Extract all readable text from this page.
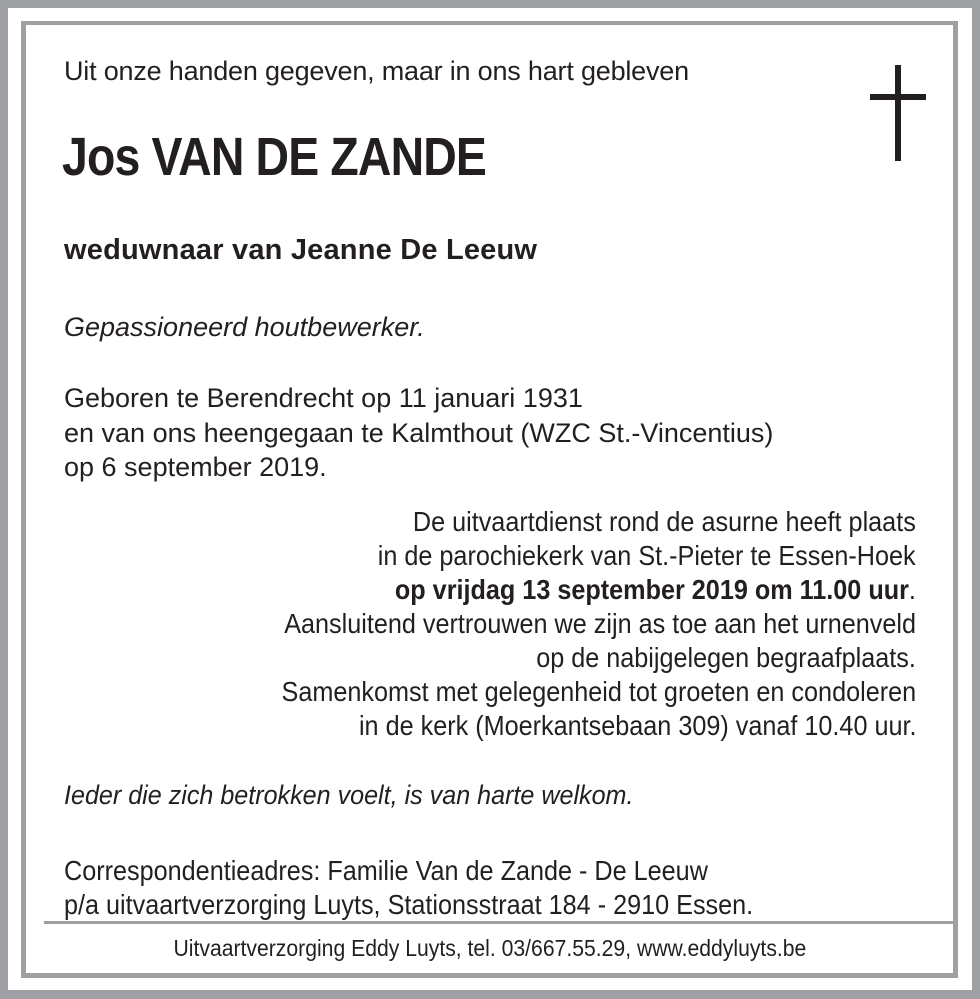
Uit onze handen gegeven, maar in ons hart gebleven
Jos VAN DE ZANDE
weduwnaar van Jeanne De Leeuw
Gepassioneerd houtbewerker.
Geboren te Berendrecht op 11 januari 1931
en van ons heengegaan te Kalmthout (WZC St.-Vincentius)
op 6 september 2019.
De uitvaartdienst rond de asurne heeft plaats
in de parochiekerk van St.-Pieter te Essen-Hoek
op vrijdag 13 september 2019 om 11.00 uur.
Aansluitend vertrouwen we zijn as toe aan het urnenveld
op de nabijgelegen begraafplaats.
Samenkomst met gelegenheid tot groeten en condoleren
in de kerk (Moerkantsebaan 309) vanaf 10.40 uur.
Ieder die zich betrokken voelt, is van harte welkom.
Correspondentieadres: Familie Van de Zande - De Leeuw
p/a uitvaartverzorging Luyts, Stationsstraat 184 - 2910 Essen.
Uitvaartverzorging Eddy Luyts, tel. 03/667.55.29, www.eddyluyts.be
